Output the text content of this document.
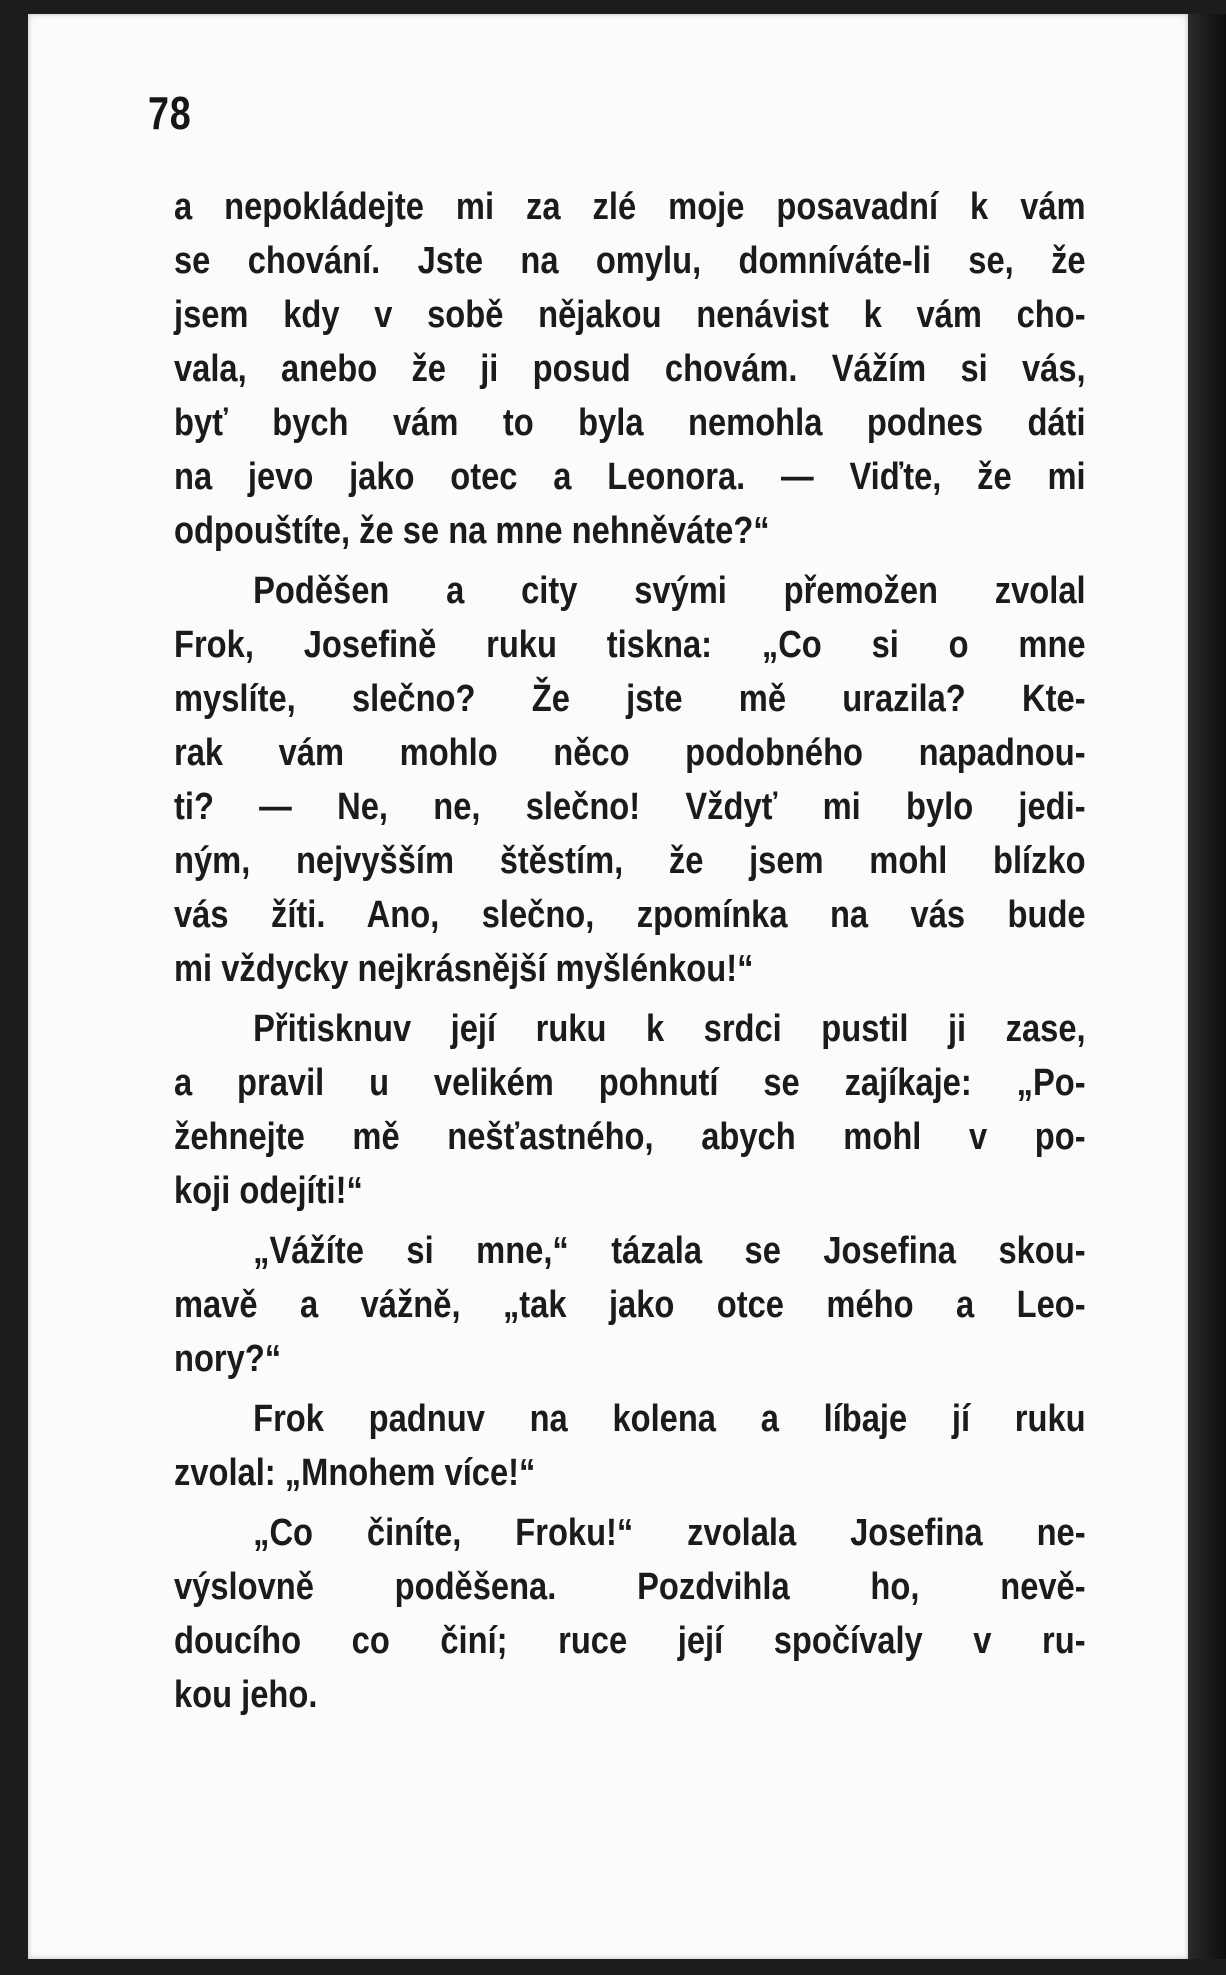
78
a nepokládejte mi za zlé moje posavadní k vám
se chování. Jste na omylu, domníváte-li se, že
jsem kdy v sobě nějakou nenávist k vám cho-
vala, anebo že ji posud chovám. Vážím si vás,
byť bych vám to byla nemohla podnes dáti
na jevo jako otec a Leonora. — Viďte, že mi
odpouštíte, že se na mne nehněváte?“
Poděšen a city svými přemožen zvolal
Frok, Josefině ruku tiskna: „Co si o mne
myslíte, slečno? Že jste mě urazila? Kte-
rak vám mohlo něco podobného napadnou-
ti? — Ne, ne, slečno! Vždyť mi bylo jedi-
ným, nejvyšším štěstím, že jsem mohl blízko
vás žíti. Ano, slečno, zpomínka na vás bude
mi vždycky nejkrásnější myšlénkou!“
Přitisknuv její ruku k srdci pustil ji zase,
a pravil u velikém pohnutí se zajíkaje: „Po-
žehnejte mě nešťastného, abych mohl v po-
koji odejíti!“
„Vážíte si mne,“ tázala se Josefina skou-
mavě a vážně, „tak jako otce mého a Leo-
nory?“
Frok padnuv na kolena a líbaje jí ruku
zvolal: „Mnohem více!“
„Co činíte, Froku!“ zvolala Josefina ne-
výslovně poděšena. Pozdvihla ho, nevě-
doucího co činí; ruce její spočívaly v ru-
kou jeho.
